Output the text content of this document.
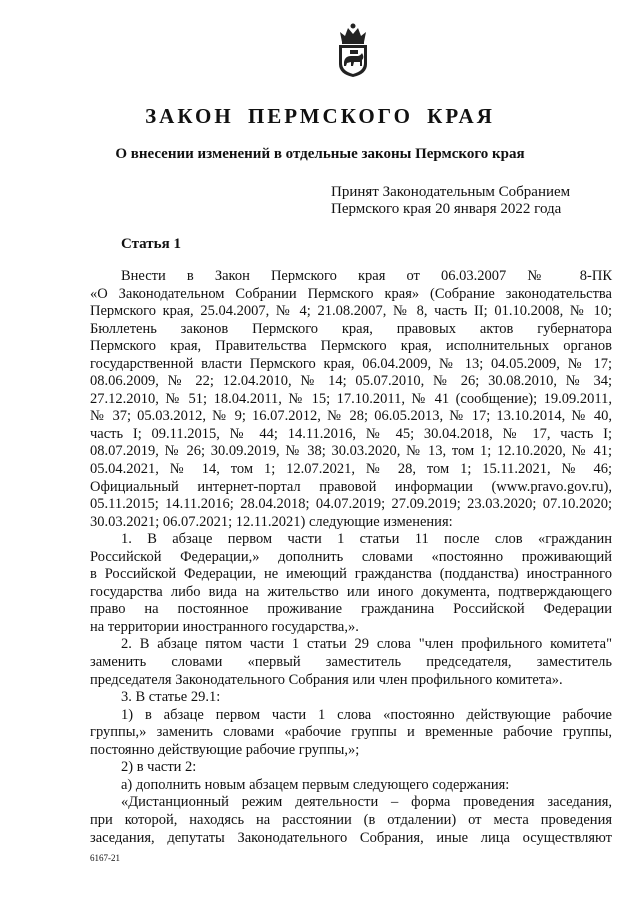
ЗАКОН ПЕРМСКОГО КРАЯ
О внесении изменений в отдельные законы Пермского края
Принят Законодательным Собранием
Пермского края 20 января 2022 года
Статья 1

Внести в Закон Пермского края от 06.03.2007 № 8-ПК

«О Законодательном Собрании Пермского края» (Собрание законодательства

Пермского края, 25.04.2007, № 4; 21.08.2007, № 8, часть II; 01.10.2008, № 10;

Бюллетень законов Пермского края, правовых актов губернатора

Пермского края, Правительства Пермского края, исполнительных органов

государственной власти Пермского края, 06.04.2009, № 13; 04.05.2009, № 17;

08.06.2009, № 22; 12.04.2010, № 14; 05.07.2010, № 26; 30.08.2010, № 34;

27.12.2010, № 51; 18.04.2011, № 15; 17.10.2011, № 41 (сообщение); 19.09.2011,

№ 37; 05.03.2012, № 9; 16.07.2012, № 28; 06.05.2013, № 17; 13.10.2014, № 40,

часть I; 09.11.2015, № 44; 14.11.2016, № 45; 30.04.2018, № 17, часть I;

08.07.2019, № 26; 30.09.2019, № 38; 30.03.2020, № 13, том 1; 12.10.2020, № 41;

05.04.2021, № 14, том 1; 12.07.2021, № 28, том 1; 15.11.2021, № 46;

Официальный интернет-портал правовой информации (www.pravo.gov.ru),

05.11.2015; 14.11.2016; 28.04.2018; 04.07.2019; 27.09.2019; 23.03.2020; 07.10.2020;

30.03.2021; 06.07.2021; 12.11.2021) следующие изменения:

1. В абзаце первом части 1 статьи 11 после слов «гражданин

Российской Федерации,» дополнить словами «постоянно проживающий

в Российской Федерации, не имеющий гражданства (подданства) иностранного

государства либо вида на жительство или иного документа, подтверждающего

право на постоянное проживание гражданина Российской Федерации

на территории иностранного государства,».

2. В абзаце пятом части 1 статьи 29 слова "член профильного комитета"

заменить словами «первый заместитель председателя, заместитель

председателя Законодательного Собрания или член профильного комитета».

3. В статье 29.1:

1) в абзаце первом части 1 слова «постоянно действующие рабочие

группы,» заменить словами «рабочие группы и временные рабочие группы,

постоянно действующие рабочие группы,»;

2) в части 2:

а) дополнить новым абзацем первым следующего содержания:

«Дистанционный режим деятельности – форма проведения заседания,

при которой, находясь на расстоянии (в отдалении) от места проведения

заседания, депутаты Законодательного Собрания, иные лица осуществляют

6167-21
